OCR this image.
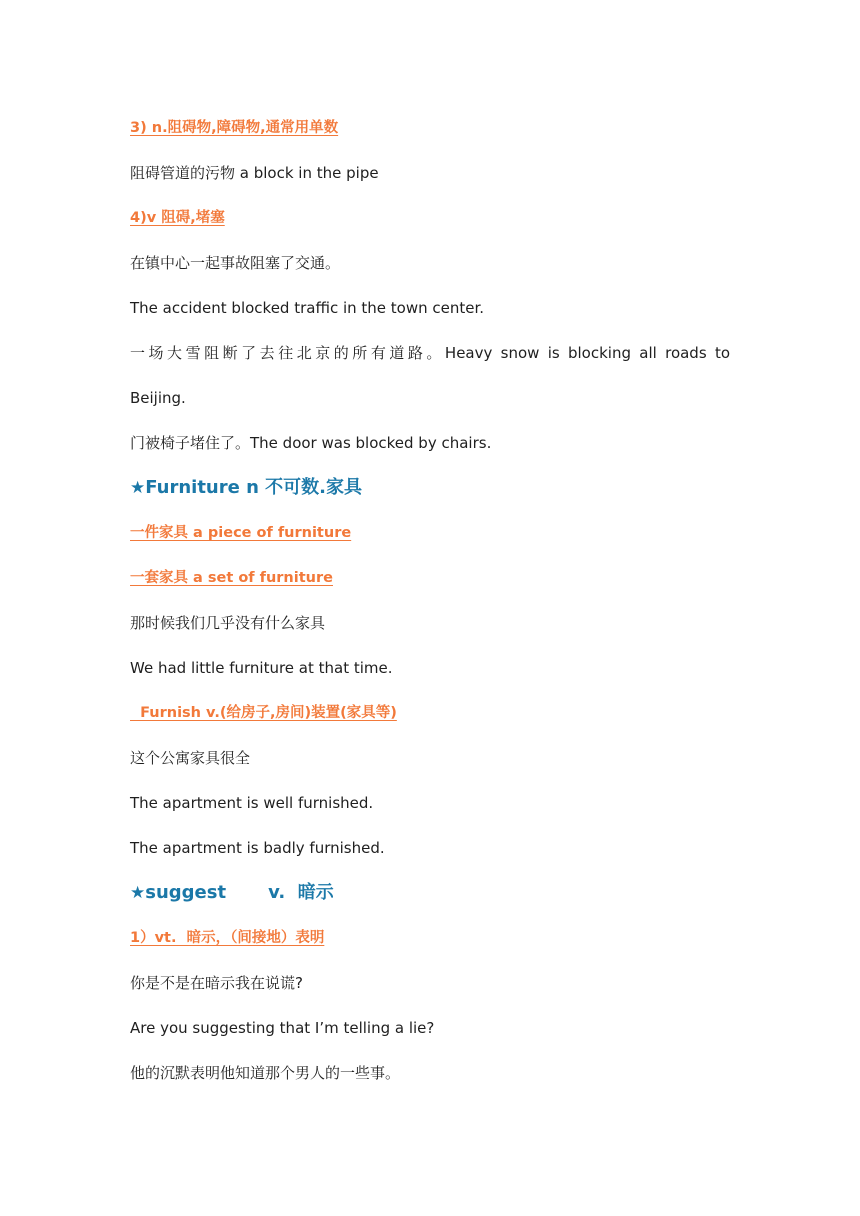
3) n.阻碍物,障碍物,通常用单数
阻碍管道的污物 a block in the pipe
4)v 阻碍,堵塞
在镇中心一起事故阻塞了交通。
The accident blocked traffic in the town center.
一场大雪阻断了去往北京的所有道路。Heavy snow is blocking all roads to
Beijing.
门被椅子堵住了。The door was blocked by chairs.
★Furniture n 不可数.家具
一件家具 a piece of furniture
一套家具 a set of furniture
那时候我们几乎没有什么家具
We had little furniture at that time.
Furnish v.(给房子,房间)装置(家具等)
这个公寓家具很全
The apartment is well furnished.
The apartment is badly furnished.
★suggest v.  暗示
1）vt.  暗示，（间接地）表明
你是不是在暗示我在说谎?
Are you suggesting that I’m telling a lie?
他的沉默表明他知道那个男人的一些事。
